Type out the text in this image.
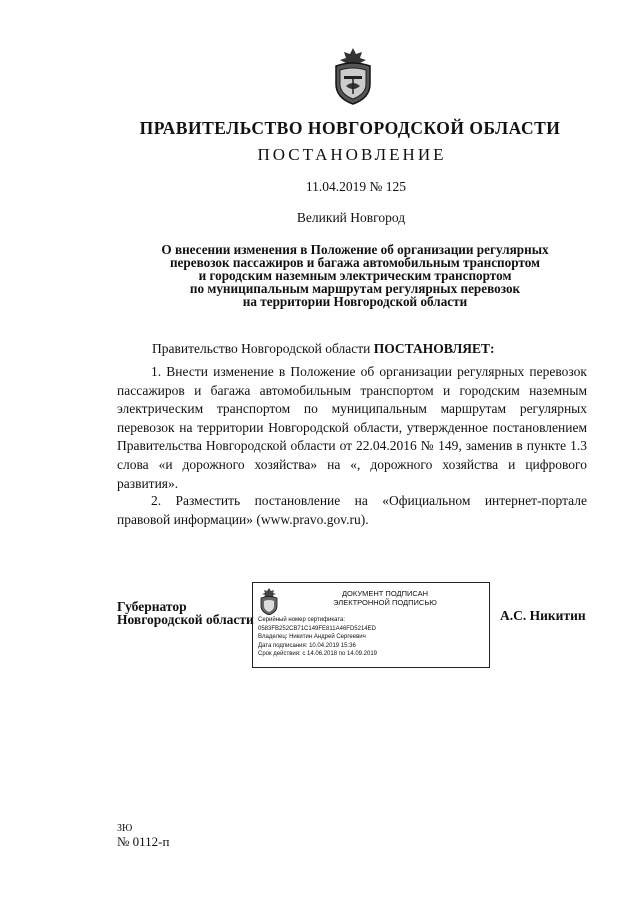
ПРАВИТЕЛЬСТВО НОВГОРОДСКОЙ ОБЛАСТИ
ПОСТАНОВЛЕНИЕ
11.04.2019 № 125
Великий Новгород
О внесении изменения в Положение об организации регулярных
перевозок пассажиров и багажа автомобильным транспортом
и городским наземным электрическим транспортом
по муниципальным маршрутам регулярных перевозок
на территории Новгородской области
Правительство Новгородской области ПОСТАНОВЛЯЕТ:
1. Внести изменение в Положение об организации регулярных перевозок пассажиров и багажа автомобильным транспортом и городским наземным электрическим транспортом по муниципальным маршрутам регулярных перевозок на территории Новгородской области, утвержденное постановлением Правительства Новгородской области от 22.04.2016 № 149, заменив в пункте 1.3 слова «и дорожного хозяйства» на «, дорожного хозяйства и цифрового развития».
2. Разместить постановление на «Официальном интернет-портале правовой информации» (www.pravo.gov.ru).
Губернатор
Новгородской области
ДОКУМЕНТ ПОДПИСАН
ЭЛЕКТРОННОЙ ПОДПИСЬЮ
Серийный номер сертификата:
0583FB252CB71C149FE811A46FD5214ED
Владелец: Никитин Андрей Сергеевич
Дата подписания: 10.04.2019 15:36
Срок действия: с 14.06.2018 по 14.09.2019
А.С. Никитин
ЗЮ
№ 0112-п
